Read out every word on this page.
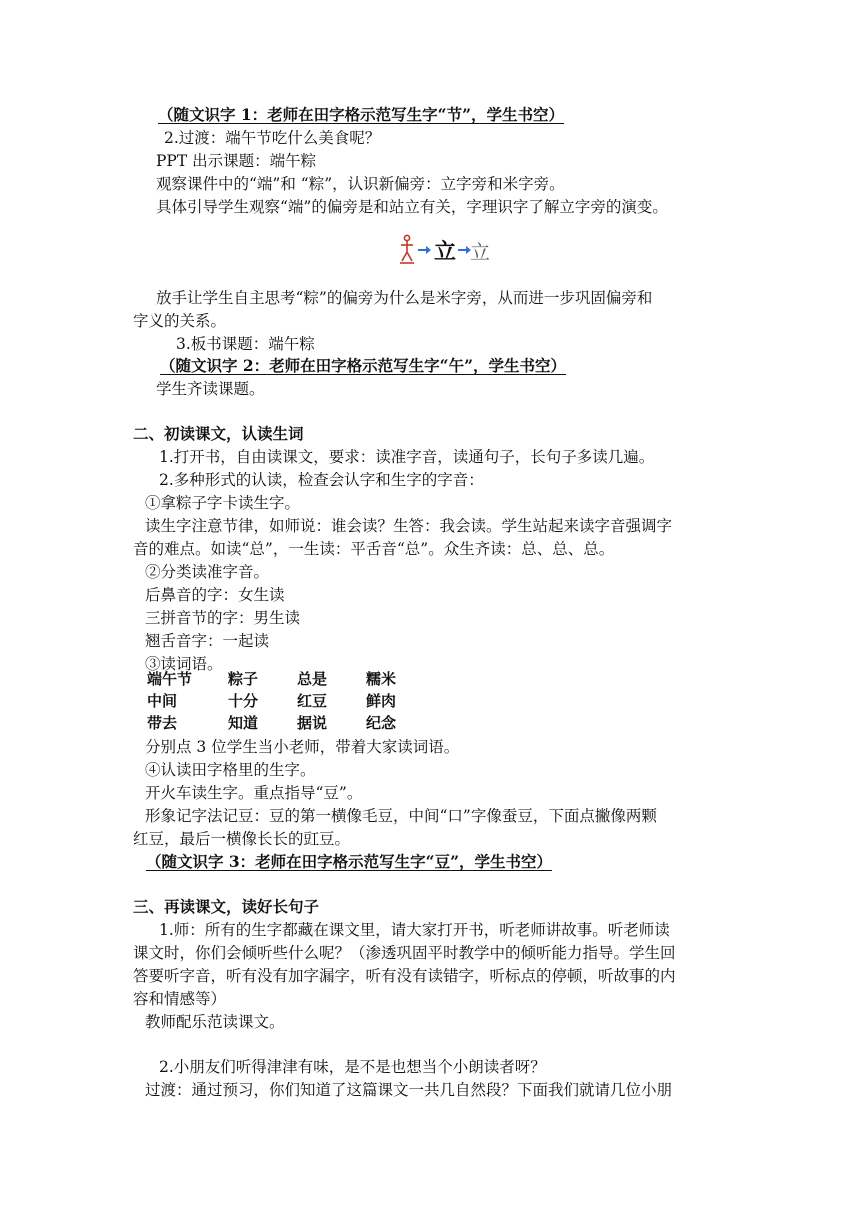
（随文识字 1：老师在田字格示范写生字“节”，学生书空）
2.过渡：端午节吃什么美食呢？
PPT 出示课题：端午粽
观察课件中的“端”和 “粽”，认识新偏旁：立字旁和米字旁。
具体引导学生观察“端”的偏旁是和站立有关，字理识字了解立字旁的演变。
立 立
放手让学生自主思考“粽”的偏旁为什么是米字旁，从而进一步巩固偏旁和
字义的关系。
3.板书课题：端午粽
（随文识字 2：老师在田字格示范写生字“午”，学生书空）
学生齐读课题。
二、初读课文，认读生词
1.打开书，自由读课文，要求：读准字音，读通句子，长句子多读几遍。
2.多种形式的认读，检查会认字和生字的字音：
①拿粽子字卡读生字。
读生字注意节律，如师说：谁会读？生答：我会读。学生站起来读字音强调字
音的难点。如读“总”，一生读：平舌音“总”。众生齐读：总、总、总。
②分类读准字音。
后鼻音的字：女生读
三拼音节的字：男生读
翘舌音字：一起读
③读词语。
端午节 粽子	总是	糯米
中间	十分	红豆	鲜肉
带去	知道	据说	纪念
分别点 3 位学生当小老师，带着大家读词语。
④认读田字格里的生字。
开火车读生字。重点指导“豆”。
形象记字法记豆：豆的第一横像毛豆，中间“口”字像蚕豆，下面点撇像两颗
红豆，最后一横像长长的豇豆。
（随文识字 3：老师在田字格示范写生字“豆”，学生书空）
三、再读课文，读好长句子
1.师：所有的生字都藏在课文里，请大家打开书，听老师讲故事。听老师读
课文时，你们会倾听些什么呢？（渗透巩固平时教学中的倾听能力指导。学生回
答要听字音，听有没有加字漏字，听有没有读错字，听标点的停顿，听故事的内
容和情感等）
教师配乐范读课文。
2.小朋友们听得津津有味，是不是也想当个小朗读者呀？
过渡：通过预习，你们知道了这篇课文一共几自然段？下面我们就请几位小朋
